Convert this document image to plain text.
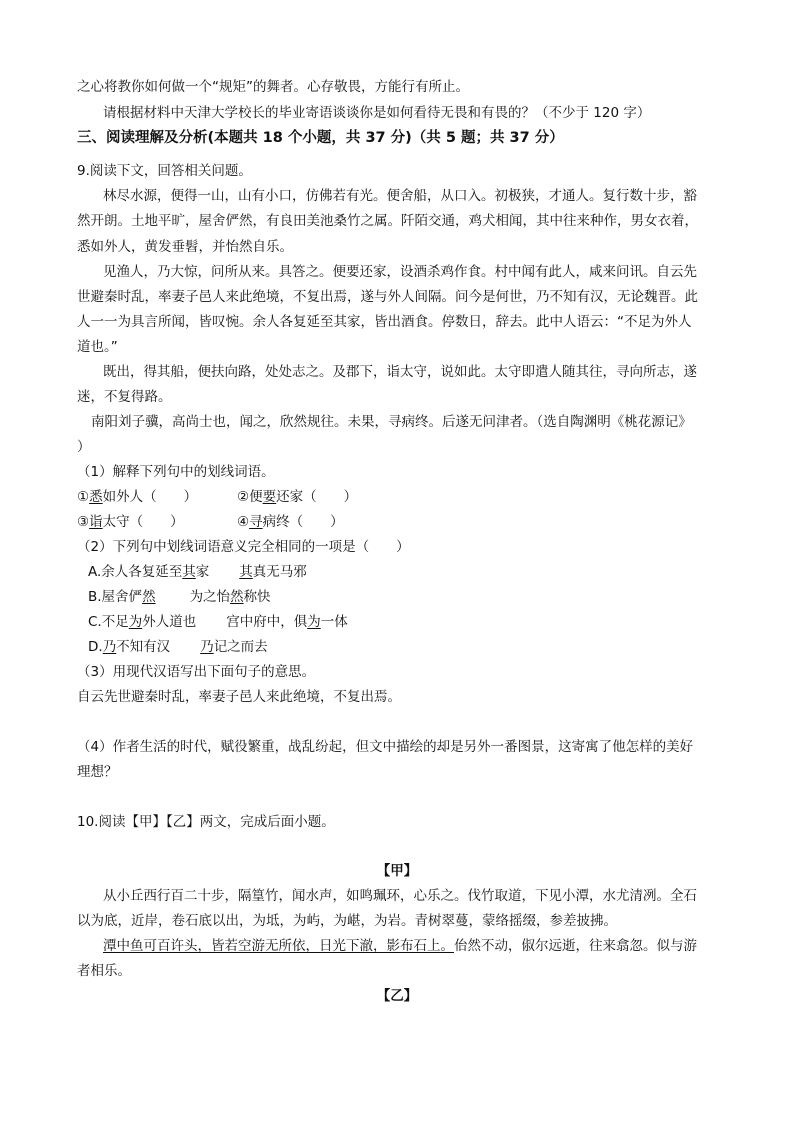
之心将教你如何做一个“规矩”的舞者。心存敬畏，方能行有所止。
请根据材料中天津大学校长的毕业寄语谈谈你是如何看待无畏和有畏的？（不少于 120 字）
三、阅读理解及分析(本题共 18 个小题，共 37 分)（共 5 题；共 37 分）
9.阅读下文，回答相关问题。
林尽水源，便得一山，山有小口，仿佛若有光。便舍船，从口入。初极狭，才通人。复行数十步，豁
然开朗。土地平旷，屋舍俨然，有良田美池桑竹之属。阡陌交通，鸡犬相闻，其中往来种作，男女衣着，
悉如外人，黄发垂髫，并怡然自乐。
见渔人，乃大惊，问所从来。具答之。便要还家，设酒杀鸡作食。村中闻有此人，咸来问讯。自云先
世避秦时乱，率妻子邑人来此绝境，不复出焉，遂与外人间隔。问今是何世，乃不知有汉，无论魏晋。此
人一一为具言所闻，皆叹惋。余人各复延至其家，皆出酒食。停数日，辞去。此中人语云：“不足为外人
道也。”
既出，得其船，便扶向路，处处志之。及郡下，诣太守，说如此。太守即遣人随其往，寻向所志，遂
迷，不复得路。
南阳刘子骥，高尚士也，闻之，欣然规往。未果，寻病终。后遂无问津者。（选自陶渊明《桃花源记》
）
（1）解释下列句中的划线词语。
①悉如外人（　　）	②便要还家（　　）
③诣太守（　　）	④寻病终（　　）
（2）下列句中划线词语意义完全相同的一项是（　　）
A.余人各复延至其家 其真无马邪
B.屋舍俨然	为之怡然称快
C.不足为外人道也 宫中府中，俱为一体
D.乃不知有汉 乃记之而去
（3）用现代汉语写出下面句子的意思。
自云先世避秦时乱，率妻子邑人来此绝境，不复出焉。
（4）作者生活的时代，赋役繁重，战乱纷起，但文中描绘的却是另外一番图景，这寄寓了他怎样的美好
理想？
10.阅读【甲】【乙】两文，完成后面小题。
【甲】
从小丘西行百二十步，隔篁竹，闻水声，如鸣珮环，心乐之。伐竹取道，下见小潭，水尤清冽。全石
以为底，近岸，卷石底以出，为坻，为屿，为嵁，为岩。青树翠蔓，蒙络摇缀，参差披拂。
潭中鱼可百许头，皆若空游无所依，日光下澈，影布石上。佁然不动，俶尔远逝，往来翕忽。似与游
者相乐。
【乙】
